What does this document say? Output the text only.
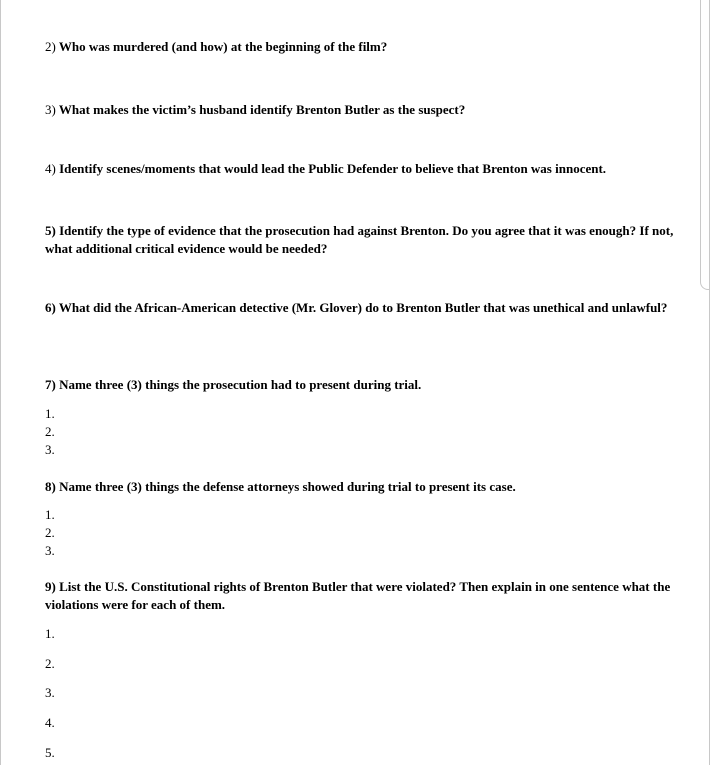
2) Who was murdered (and how) at the beginning of the film?
3) What makes the victim’s husband identify Brenton Butler as the suspect?
4) Identify scenes/moments that would lead the Public Defender to believe that Brenton was innocent.
5) Identify the type of evidence that the prosecution had against Brenton. Do you agree that it was enough? If not, what additional critical evidence would be needed?
6) What did the African-American detective (Mr. Glover) do to Brenton Butler that was unethical and unlawful?
7) Name three (3) things the prosecution had to present during trial.
1.
2.
3.
8) Name three (3) things the defense attorneys showed during trial to present its case.
1.
2.
3.
9) List the U.S. Constitutional rights of Brenton Butler that were violated? Then explain in one sentence what the violations were for each of them.
1.
2.
3.
4.
5.
